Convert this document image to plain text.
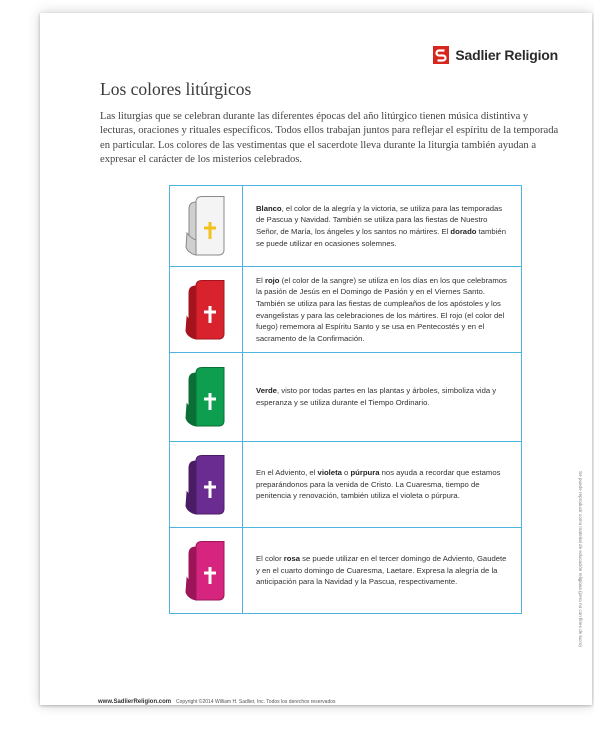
Sadlier Religion
Los colores litúrgicos

Las liturgias que se celebran durante las diferentes épocas del año litúrgico tienen música distintiva y lecturas, oraciones y rituales específicos. Todos ellos trabajan juntos para reflejar el espíritu de la temporada en particular. Los colores de las vestimentas que el sacerdote lleva durante la liturgia también ayudan a expresar el carácter de los misterios celebrados.

	Blanco, el color de la alegría y la victoria, se utiliza para las temporadas de Pascua y Navidad. También se utiliza para las fiestas de Nuestro Señor, de María, los ángeles y los santos no mártires. El dorado también se puede utilizar en ocasiones solemnes.

	El rojo (el color de la sangre) se utiliza en los días en los que celebramos la pasión de Jesús en el Domingo de Pasión y en el Viernes Santo. También se utiliza para las fiestas de cumpleaños de los apóstoles y los evangelistas y para las celebraciones de los mártires. El rojo (el color del fuego) rememora al Espíritu Santo y se usa en Pentecostés y en el sacramento de la Confirmación.

	Verde, visto por todas partes en las plantas y árboles, simboliza vida y esperanza y se utiliza durante el Tiempo Ordinario.

	En el Adviento, el violeta o púrpura nos ayuda a recordar que estamos preparándonos para la venida de Cristo. La Cuaresma, tiempo de penitencia y renovación, también utiliza el violeta o púrpura.

	El color rosa se puede utilizar en el tercer domingo de Adviento, Gaudete y en el cuarto domingo de Cuaresma, Laetare. Expresa la alegría de la anticipación para la Navidad y la Pascua, respectivamente.
www.SadlierReligion.com Copyright ©2014 William H. Sadlier, Inc. Todos los derechos reservados
Se puede reproducir como material de educación religiosa (pero no con fines de lucro)
